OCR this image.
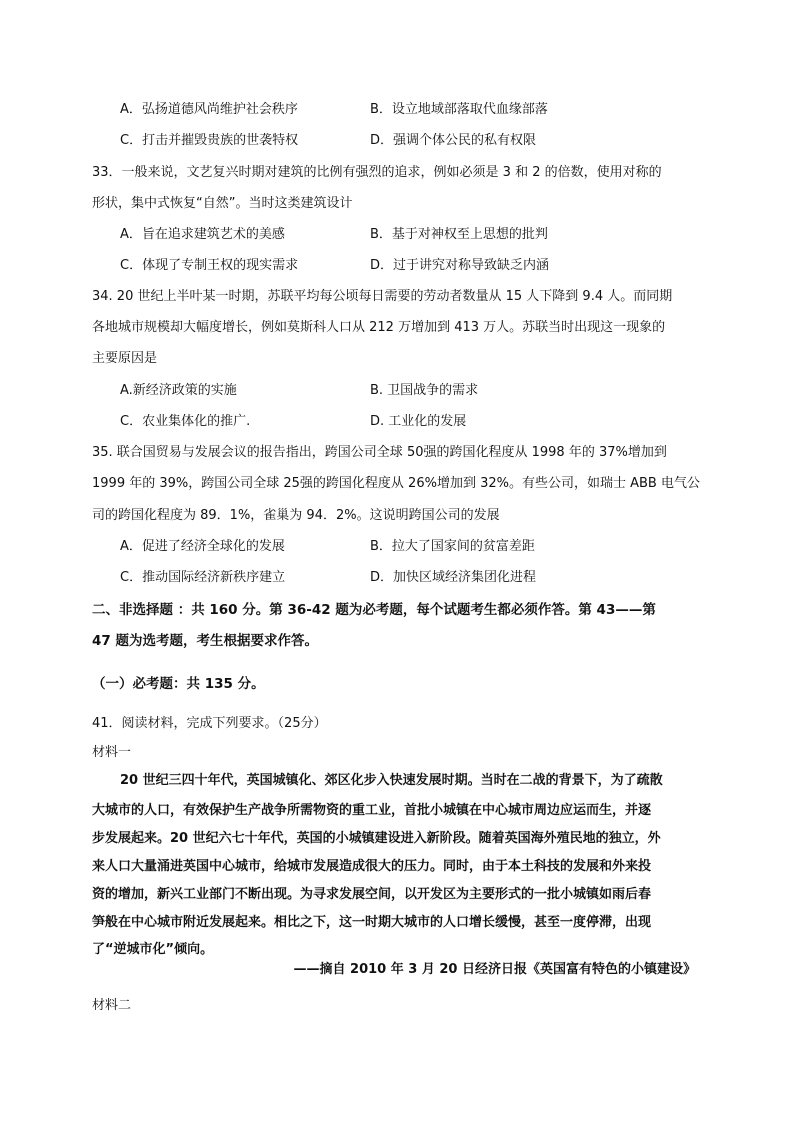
A．弘扬道德风尚维护社会秩序	B．设立地域部落取代血缘部落
C．打击并摧毁贵族的世袭特权	D．强调个体公民的私有权限
33．一般来说，文艺复兴时期对建筑的比例有强烈的追求，例如必须是 3 和 2 的倍数，使用对称的
形状，集中式恢复“自然”。当时这类建筑设计
A．旨在追求建筑艺术的美感	B．基于对神权至上思想的批判
C．体现了专制王权的现实需求	D．过于讲究对称导致缺乏内涵
34. 20 世纪上半叶某一时期，苏联平均每公顷每日需要的劳动者数量从 15 人下降到 9.4 人。而同期
各地城市规模却大幅度增长，例如莫斯科人口从 212 万增加到 413 万人。苏联当时出现这一现象的
主要原因是
A.新经济政策的实施	B. 卫国战争的需求
C．农业集体化的推广.	D. 工业化的发展
35. 联合国贸易与发展会议的报告指出，跨国公司全球 50强的跨国化程度从 1998 年的 37%增加到
1999 年的 39%，跨国公司全球 25强的跨国化程度从 26%增加到 32%。有些公司，如瑞士 ABB 电气公
司的跨国化程度为 89．1%，雀巢为 94．2%。这说明跨国公司的发展
A．促进了经济全球化的发展	B．拉大了国家间的贫富差距
C．推动国际经济新秩序建立	D．加快区域经济集团化进程
二、非选择题 ：共 160 分。第 36-42 题为必考题，每个试题考生都必须作答。第 43——第
47 题为选考题，考生根据要求作答。
（一）必考题：共 135 分。
41．阅读材料，完成下列要求。（25分）
材料一
20 世纪三四十年代，英国城镇化、郊区化步入快速发展时期。当时在二战的背景下，为了疏散
大城市的人口，有效保护生产战争所需物资的重工业，首批小城镇在中心城市周边应运而生，并逐
步发展起来。20 世纪六七十年代，英国的小城镇建设进入新阶段。随着英国海外殖民地的独立，外
来人口大量涌进英国中心城市，给城市发展造成很大的压力。同时，由于本土科技的发展和外来投
资的增加，新兴工业部门不断出现。为寻求发展空间，以开发区为主要形式的一批小城镇如雨后春
笋般在中心城市附近发展起来。相比之下，这一时期大城市的人口增长缓慢，甚至一度停滞，出现
了“逆城市化”倾向。
——摘自 2010 年 3 月 20 日经济日报《英国富有特色的小镇建设》
材料二
